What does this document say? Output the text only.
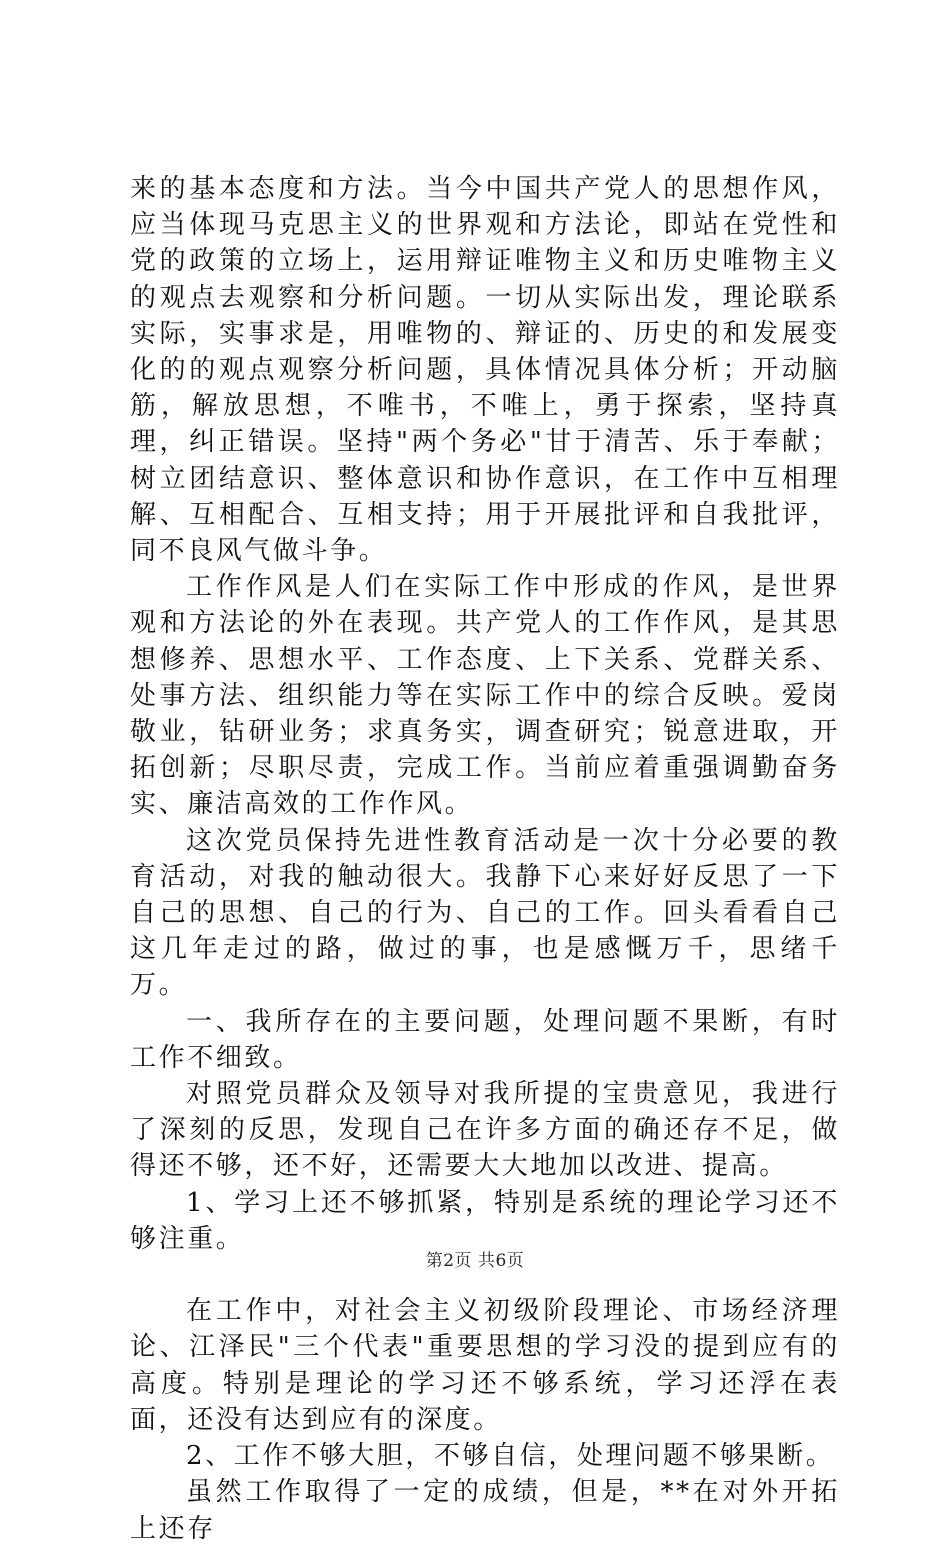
来的基本态度和方法。当今中国共产党人的思想作风，应当体现马克思主义的世界观和方法论，即站在党性和党的政策的立场上，运用辩证唯物主义和历史唯物主义的观点去观察和分析问题。一切从实际出发，理论联系实际，实事求是，用唯物的、辩证的、历史的和发展变化的的观点观察分析问题，具体情况具体分析；开动脑筋，解放思想，不唯书，不唯上，勇于探索，坚持真理，纠正错误。坚持"两个务必"甘于清苦、乐于奉献；树立团结意识、整体意识和协作意识，在工作中互相理解、互相配合、互相支持；用于开展批评和自我批评，同不良风气做斗争。

工作作风是人们在实际工作中形成的作风，是世界观和方法论的外在表现。共产党人的工作作风，是其思想修养、思想水平、工作态度、上下关系、党群关系、处事方法、组织能力等在实际工作中的综合反映。爱岗敬业，钻研业务；求真务实，调查研究；锐意进取，开拓创新；尽职尽责，完成工作。当前应着重强调勤奋务实、廉洁高效的工作作风。

这次党员保持先进性教育活动是一次十分必要的教育活动，对我的触动很大。我静下心来好好反思了一下自己的思想、自己的行为、自己的工作。回头看看自己这几年走过的路，做过的事，也是感慨万千，思绪千万。

一、我所存在的主要问题，处理问题不果断，有时工作不细致。

对照党员群众及领导对我所提的宝贵意见，我进行了深刻的反思，发现自己在许多方面的确还存不足，做得还不够，还不好，还需要大大地加以改进、提高。

1、学习上还不够抓紧，特别是系统的理论学习还不够注重。

在工作中，对社会主义初级阶段理论、市场经济理论、江泽民"三个代表"重要思想的学习没的提到应有的高度。特别是理论的学习还不够系统，学习还浮在表面，还没有达到应有的深度。

2、工作不够大胆，不够自信，处理问题不够果断。

虽然工作取得了一定的成绩，但是，**在对外开拓上还存

第2页 共6页
